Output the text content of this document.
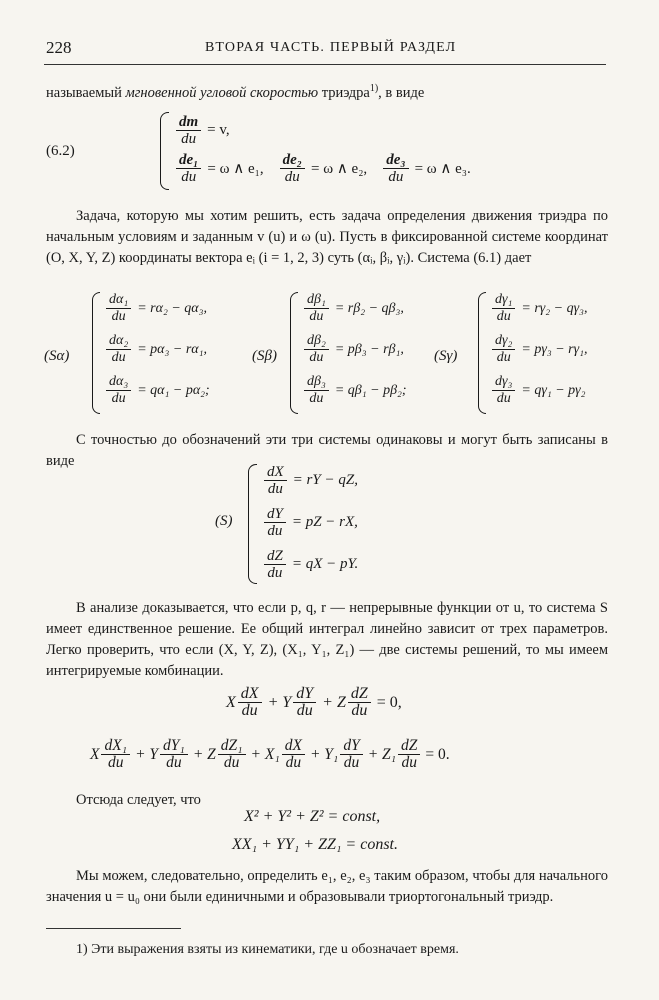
228	ВТОРАЯ ЧАСТЬ. ПЕРВЫЙ РАЗДЕЛ
называемый мгновенной угловой скоростью триэдра$^{1)}$, в виде
(6.2)
$\frac{dm}{du} = v$,
$\frac{\text{de₁}}{du} = \omega$ ∧ e₁, $\frac{\text{de₂}}{du} = \omega$ ∧ e₂, $\frac{\text{de₃}}{du} = \omega$ ∧ e₃.
Задача, которую мы хотим решить, есть задача определения движения триэдра по начальным условиям и заданным v (u) и ω (u). Пусть в фиксированной системе координат (O, X, Y, Z) координаты вектора eᵢ (i = 1, 2, 3) суть (αᵢ, βᵢ, γᵢ). Система (6.1) дает
(Sα)
$\frac{\text{dα₁}}{du} = r\alpha_2 - q\alpha_3$,
$\frac{\text{dα₂}}{du} = p\alpha_3 - r\alpha_1$,
$\frac{\text{dα₃}}{du} = q\alpha_1 - p\alpha_2$;
(Sβ)
$\frac{\text{dβ₁}}{du} = r\beta_2 - q\beta_3$,
$\frac{\text{dβ₂}}{du} = p\beta_3 - r\beta_1$,
$\frac{\text{dβ₃}}{du} = q\beta_1 - p\beta_2$;
(Sγ)
$\frac{\text{dγ₁}}{du} = r\gamma_2 - q\gamma_3$,
$\frac{\text{dγ₂}}{du} = p\gamma_3 - r\gamma_1$,
$\frac{\text{dγ₃}}{du} = q\gamma_1 - p\gamma_2$
С точностью до обозначений эти три системы одинаковы и могут быть записаны в виде
(S)
$\frac{dX}{du}$ = rY − qZ,
$\frac{dY}{du}$ = pZ − rX,
$\frac{dZ}{du}$ = qX − pY.
В анализе доказывается, что если p, q, r — непрерывные функции от u, то система S имеет единственное решение. Ее общий интеграл линейно зависит от трех параметров. Легко проверить, что если (X, Y, Z), (X₁, Y₁, Z₁) — две системы решений, то мы имеем интегрируемые комбинации.
X $\frac{dX}{du} + Y \frac{dY}{du} + Z \frac{dZ}{du} = 0$,
X $\frac{\text{dX₁}}{du} + Y \frac{\text{dY₁}}{du} + Z \frac{\text{dZ₁}}{du} + X_1 \frac{dX}{du} + Y_1 \frac{dY}{du} + Z_1 \frac{dZ}{du} = 0$.
Отсюда следует, что
X² + Y² + Z² = const,
XX₁ + YY₁ + ZZ₁ = const.
Мы можем, следовательно, определить e₁, e₂, e₃ таким образом, чтобы для начального значения u = u₀ они были единичными и образовывали триортогональный триэдр.
1) Эти выражения взяты из кинематики, где u обозначает время.
